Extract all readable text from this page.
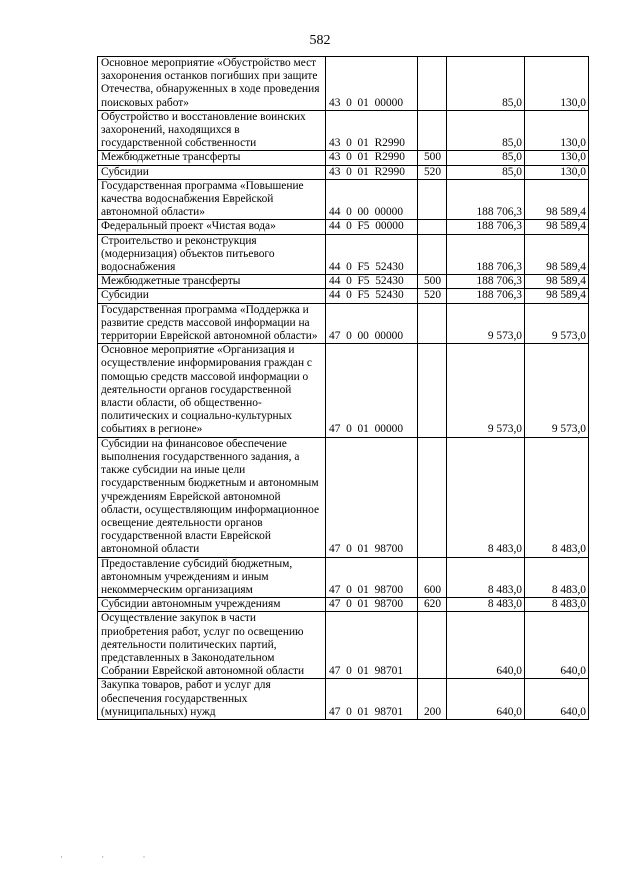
582
Основное мероприятие «Обустройство мест захоронения останков погибших при защите Отечества, обнаруженных в ходе проведения поисковых работ»	43  0  01  00000		85,0	130,0
Обустройство и восстановление воинских захоронений, находящихся в государственной собственности	43  0  01  R2990		85,0	130,0
Межбюджетные трансферты	43  0  01  R2990	500	85,0	130,0
Субсидии	43  0  01  R2990	520	85,0	130,0
Государственная программа «Повышение качества водоснабжения Еврейской автономной области»	44  0  00  00000		188 706,3	98 589,4
Федеральный проект «Чистая вода»	44  0  F5  00000		188 706,3	98 589,4
Строительство и реконструкция (модернизация) объектов питьевого водоснабжения	44  0  F5  52430		188 706,3	98 589,4
Межбюджетные трансферты	44  0  F5  52430	500	188 706,3	98 589,4
Субсидии	44  0  F5  52430	520	188 706,3	98 589,4
Государственная программа «Поддержка и развитие средств массовой информации на территории Еврейской автономной области»	47  0  00  00000		9 573,0	9 573,0
Основное мероприятие «Организация и осуществление информирования граждан с помощью средств массовой информации о деятельности органов государственной власти области, об общественно-политических и социально-культурных событиях в регионе»	47  0  01  00000		9 573,0	9 573,0
Субсидии на финансовое обеспечение выполнения государственного задания, а также субсидии на иные цели государственным бюджетным и автономным учреждениям Еврейской автономной области, осуществляющим информационное освещение деятельности органов государственной власти Еврейской автономной области	47  0  01  98700		8 483,0	8 483,0
Предоставление субсидий бюджетным, автономным учреждениям и иным некоммерческим организациям	47  0  01  98700	600	8 483,0	8 483,0
Субсидии автономным учреждениям	47  0  01  98700	620	8 483,0	8 483,0
Осуществление закупок в части приобретения работ, услуг по освещению деятельности политических партий, представленных в Законодательном Собрании Еврейской автономной области	47  0  01  98701		640,0	640,0
Закупка товаров, работ и услуг для обеспечения государственных (муниципальных) нужд	47  0  01  98701	200	640,0	640,0
· · ·
